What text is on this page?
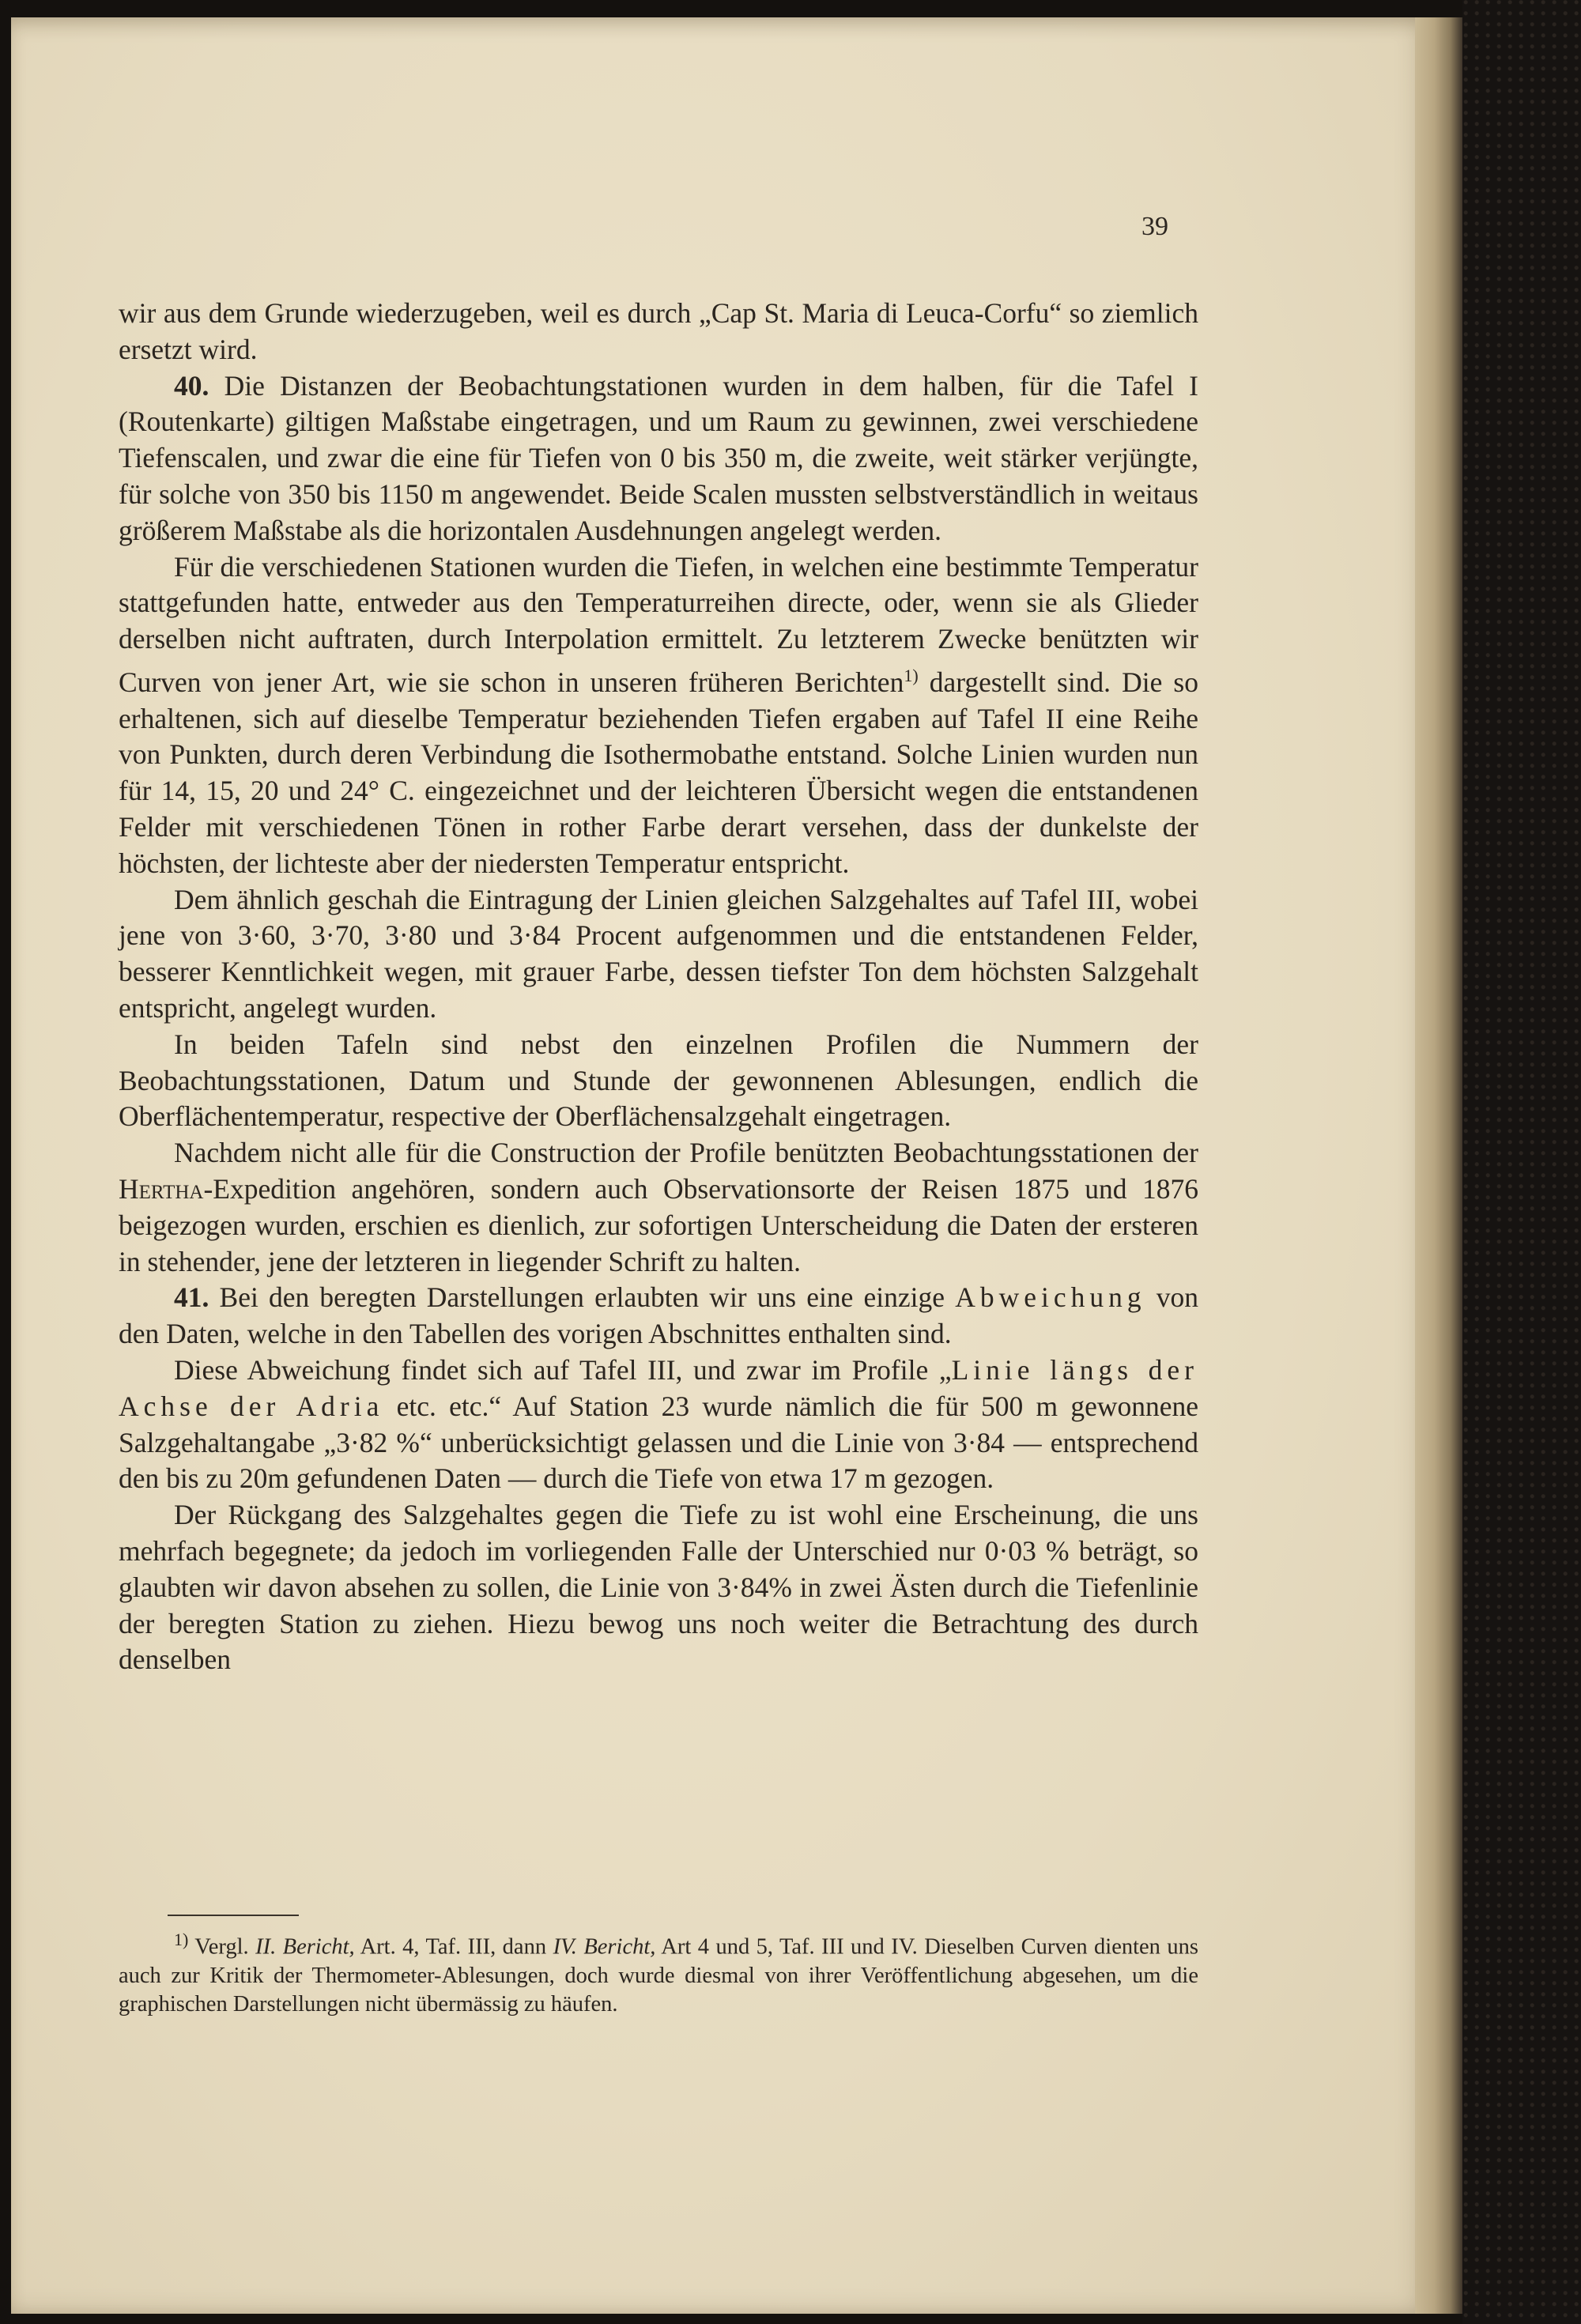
39

wir aus dem Grunde wiederzugeben, weil es durch „Cap St. Maria di Leuca-Corfu“ so ziemlich ersetzt wird.

40. Die Distanzen der Beobachtungstationen wurden in dem halben, für die Tafel I (Routenkarte) giltigen Maßstabe eingetragen, und um Raum zu gewinnen, zwei verschiedene Tiefenscalen, und zwar die eine für Tiefen von 0 bis 350 m, die zweite, weit stärker verjüngte, für solche von 350 bis 1150 m angewendet. Beide Scalen mussten selbstverständlich in weitaus größerem Maßstabe als die horizontalen Ausdehnungen angelegt werden.

Für die verschiedenen Stationen wurden die Tiefen, in welchen eine bestimmte Temperatur stattgefunden hatte, entweder aus den Temperaturreihen directe, oder, wenn sie als Glieder derselben nicht auftraten, durch Interpolation ermittelt. Zu letzterem Zwecke benützten wir Curven von jener Art, wie sie schon in unseren früheren Berichten$^{1)}$ dargestellt sind. Die so erhaltenen, sich auf dieselbe Temperatur beziehenden Tiefen ergaben auf Tafel II eine Reihe von Punkten, durch deren Verbindung die Isothermobathe entstand. Solche Linien wurden nun für 14, 15, 20 und 24° C. eingezeichnet und der leichteren Übersicht wegen die entstandenen Felder mit verschiedenen Tönen in rother Farbe derart versehen, dass der dunkelste der höchsten, der lichteste aber der niedersten Temperatur entspricht.

Dem ähnlich geschah die Eintragung der Linien gleichen Salzgehaltes auf Tafel III, wobei jene von 3·60, 3·70, 3·80 und 3·84 Procent aufgenommen und die entstandenen Felder, besserer Kenntlichkeit wegen, mit grauer Farbe, dessen tiefster Ton dem höchsten Salzgehalt entspricht, angelegt wurden.

In beiden Tafeln sind nebst den einzelnen Profilen die Nummern der Beobachtungsstationen, Datum und Stunde der gewonnenen Ablesungen, endlich die Oberflächentemperatur, respective der Oberflächensalzgehalt eingetragen.

Nachdem nicht alle für die Construction der Profile benützten Beobachtungsstationen der Hertha-Expedition angehören, sondern auch Observationsorte der Reisen 1875 und 1876 beigezogen wurden, erschien es dienlich, zur sofortigen Unterscheidung die Daten der ersteren in stehender, jene der letzteren in liegender Schrift zu halten.

41. Bei den beregten Darstellungen erlaubten wir uns eine einzige Abweichung von den Daten, welche in den Tabellen des vorigen Abschnittes enthalten sind.

Diese Abweichung findet sich auf Tafel III, und zwar im Profile „Linie längs der Achse der Adria etc. etc.“ Auf Station 23 wurde nämlich die für 500 m gewonnene Salzgehaltangabe „3·82 %“ unberücksichtigt gelassen und die Linie von 3·84 — entsprechend den bis zu 20m gefundenen Daten — durch die Tiefe von etwa 17 m gezogen.

Der Rückgang des Salzgehaltes gegen die Tiefe zu ist wohl eine Erscheinung, die uns mehrfach begegnete; da jedoch im vorliegenden Falle der Unterschied nur 0·03 % beträgt, so glaubten wir davon absehen zu sollen, die Linie von 3·84% in zwei Ästen durch die Tiefenlinie der beregten Station zu ziehen. Hiezu bewog uns noch weiter die Betrachtung des durch denselben

$^{1)}$ Vergl. II. Bericht, Art. 4, Taf. III, dann IV. Bericht, Art 4 und 5, Taf. III und IV. Dieselben Curven dienten uns auch zur Kritik der Thermometer-Ablesungen, doch wurde diesmal von ihrer Veröffentlichung abgesehen, um die graphischen Darstellungen nicht übermässig zu häufen.
